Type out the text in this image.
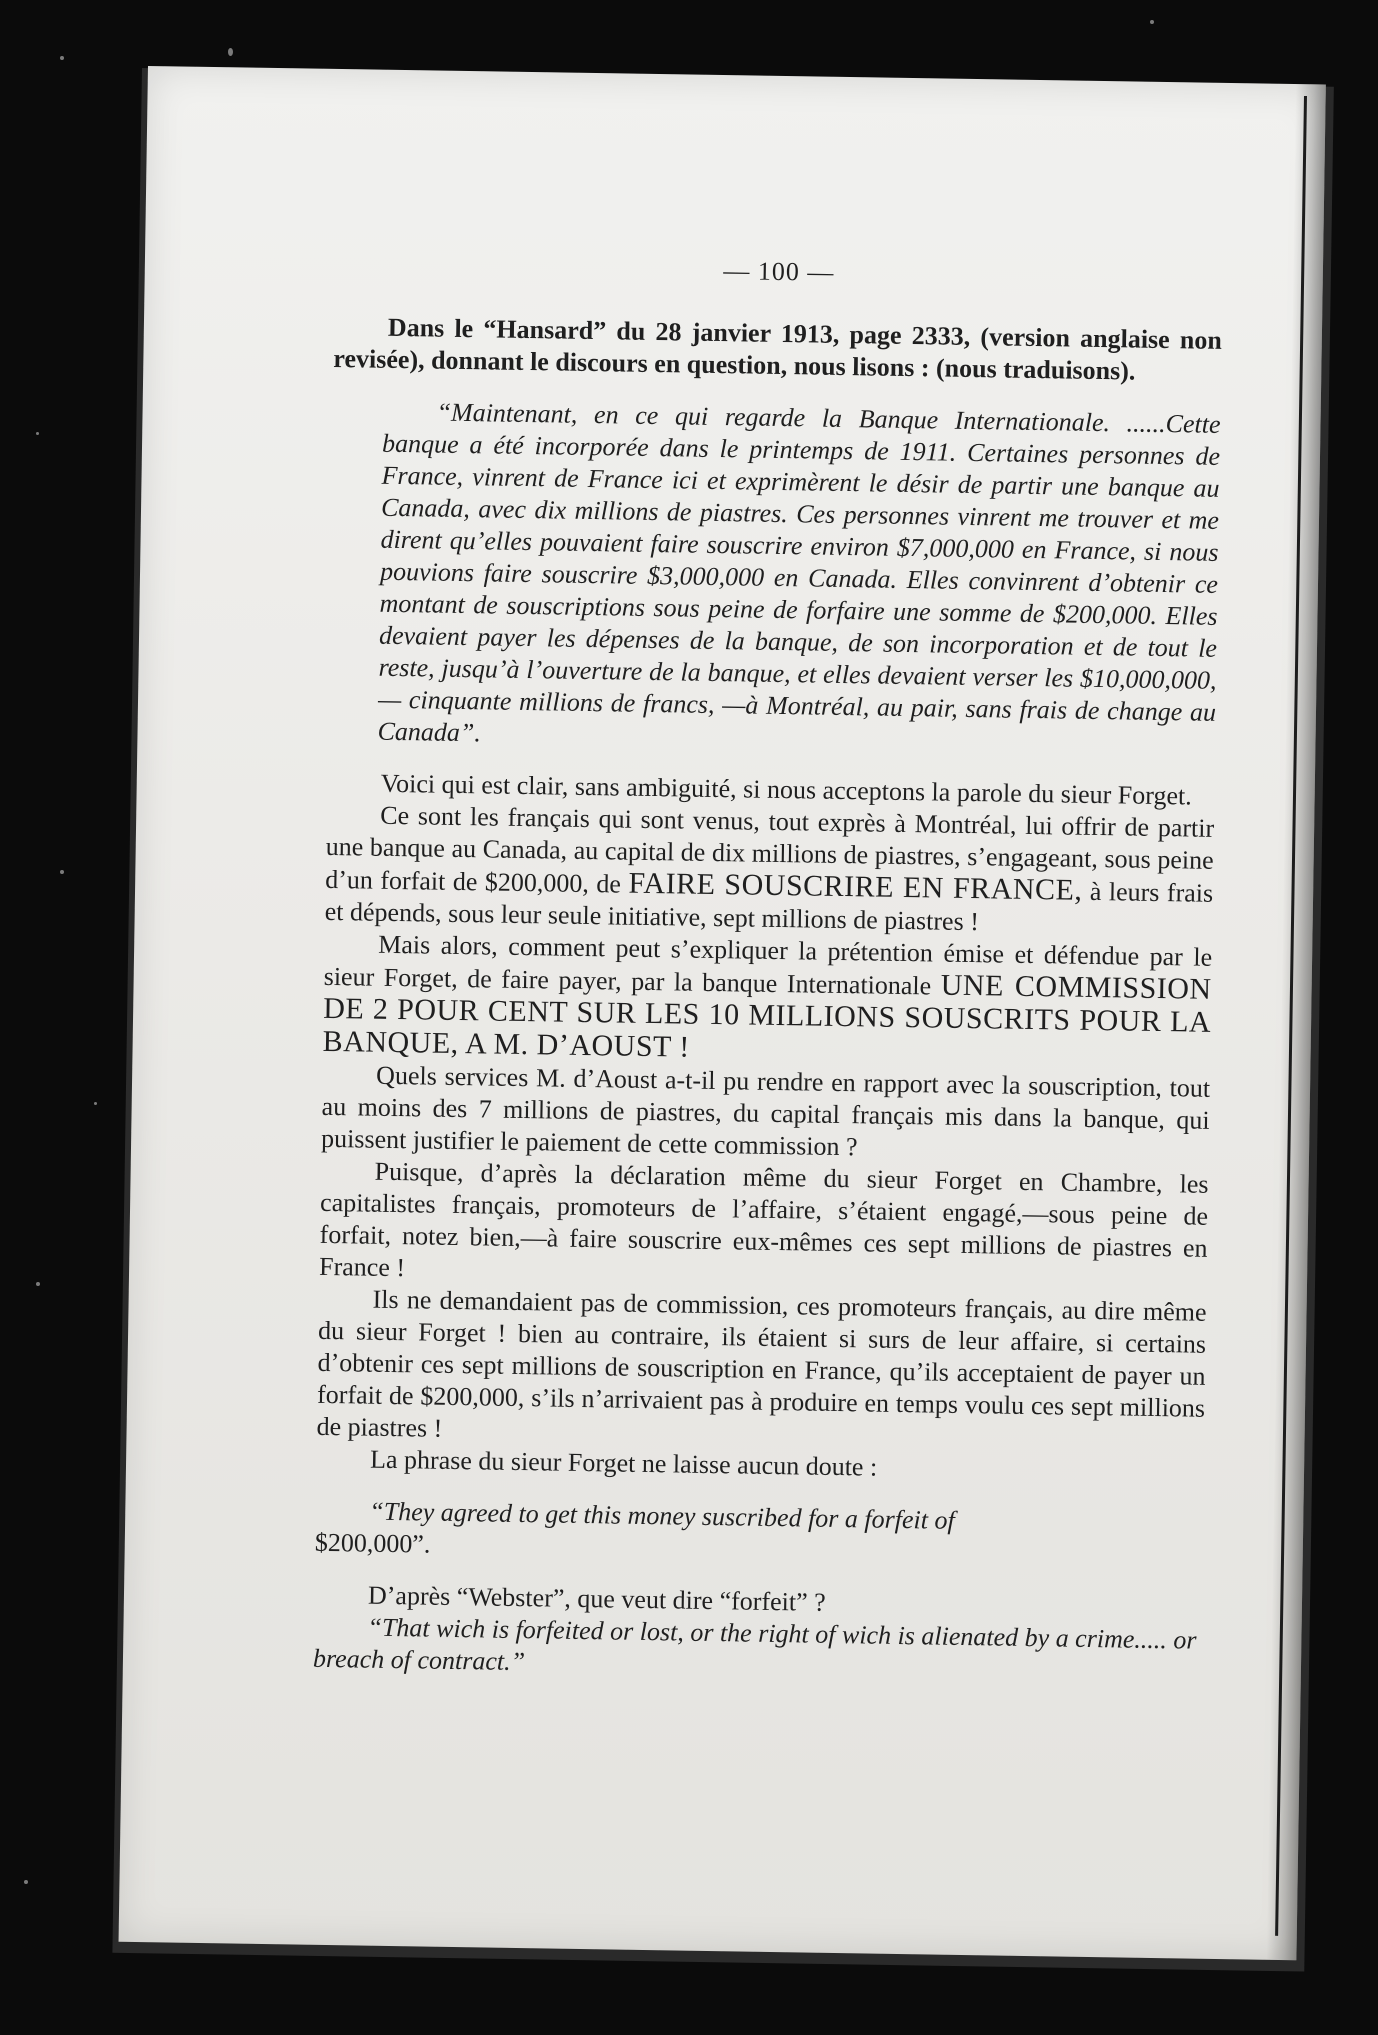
— 100 —

Dans le “Hansard” du 28 janvier 1913, page 2333, (version anglaise non revisée), donnant le discours en question, nous lisons : (nous traduisons).

“Maintenant, en ce qui regarde la Banque Internationale. ......Cette banque a été incorporée dans le printemps de 1911. Certaines personnes de France, vinrent de France ici et exprimèrent le désir de partir une banque au Canada, avec dix millions de piastres. Ces personnes vinrent me trouver et me dirent qu’elles pouvaient faire souscrire environ $7,000,000 en France, si nous pouvions faire souscrire $3,000,000 en Canada. Elles convinrent d’obtenir ce montant de souscriptions sous peine de forfaire une somme de $200,000. Elles devaient payer les dépenses de la banque, de son incorporation et de tout le reste, jusqu’à l’ouverture de la banque, et elles devaient verser les $10,000,000, — cinquante millions de francs, —à Montréal, au pair, sans frais de change au Canada”.

Voici qui est clair, sans ambiguité, si nous acceptons la parole du sieur Forget.

Ce sont les français qui sont venus, tout exprès à Montréal, lui offrir de partir une banque au Canada, au capital de dix millions de piastres, s’engageant, sous peine d’un forfait de $200,000, de FAIRE SOUSCRIRE EN FRANCE, à leurs frais et dépends, sous leur seule initiative, sept millions de piastres !

Mais alors, comment peut s’expliquer la prétention émise et défendue par le sieur Forget, de faire payer, par la banque Internationale UNE COMMISSION DE 2 POUR CENT SUR LES 10 MILLIONS SOUSCRITS POUR LA BANQUE, A M. D’AOUST !

Quels services M. d’Aoust a-t-il pu rendre en rapport avec la souscription, tout au moins des 7 millions de piastres, du capital français mis dans la banque, qui puissent justifier le paiement de cette commission ?

Puisque, d’après la déclaration même du sieur Forget en Chambre, les capitalistes français, promoteurs de l’affaire, s’étaient engagé,—sous peine de forfait, notez bien,—à faire souscrire eux-mêmes ces sept millions de piastres en France !

Ils ne demandaient pas de commission, ces promoteurs français, au dire même du sieur Forget ! bien au contraire, ils étaient si surs de leur affaire, si certains d’obtenir ces sept millions de souscription en France, qu’ils acceptaient de payer un forfait de $200,000, s’ils n’arrivaient pas à produire en temps voulu ces sept millions de piastres !

La phrase du sieur Forget ne laisse aucun doute :

“They agreed to get this money suscribed for a forfeit of
$200,000”.

D’après “Webster”, que veut dire “forfeit” ?

“That wich is forfeited or lost, or the right of wich is alienated by a crime..... or breach of contract.”
